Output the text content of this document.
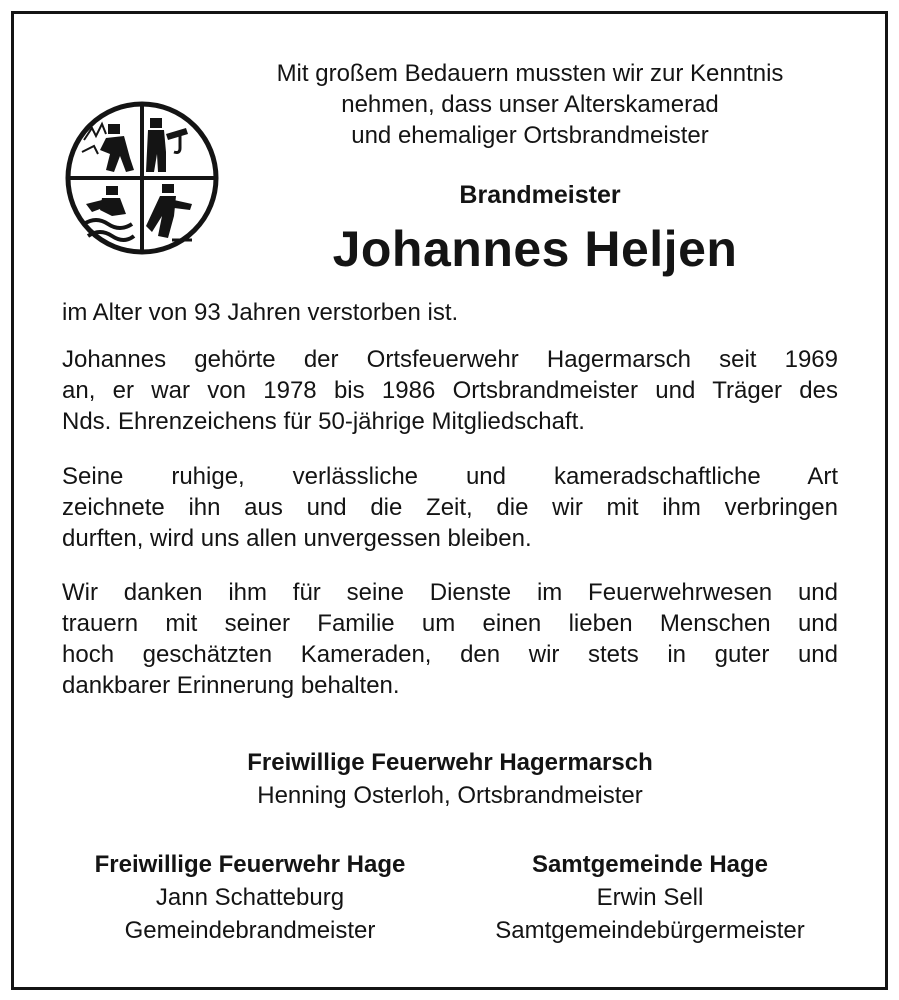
Mit großem Bedauern mussten wir zur Kenntnis
nehmen, dass unser Alterskamerad
und ehemaliger Ortsbrandmeister
Brandmeister
Johannes Heljen
im Alter von 93 Jahren verstorben ist.
Johannes gehörte der Ortsfeuerwehr Hagermarsch seit 1969
an, er war von 1978 bis 1986 Ortsbrandmeister und Träger des
Nds. Ehrenzeichens für 50-jährige Mitgliedschaft.
Seine ruhige, verlässliche und kameradschaftliche Art
zeichnete ihn aus und die Zeit, die wir mit ihm verbringen
durften, wird uns allen unvergessen bleiben.
Wir danken ihm für seine Dienste im Feuerwehrwesen und
trauern mit seiner Familie um einen lieben Menschen und
hoch geschätzten Kameraden, den wir stets in guter und
dankbarer Erinnerung behalten.
Freiwillige Feuerwehr Hagermarsch
Henning Osterloh, Ortsbrandmeister
Freiwillige Feuerwehr Hage
Jann Schatteburg
Gemeindebrandmeister
Samtgemeinde Hage
Erwin Sell
Samtgemeindebürgermeister
